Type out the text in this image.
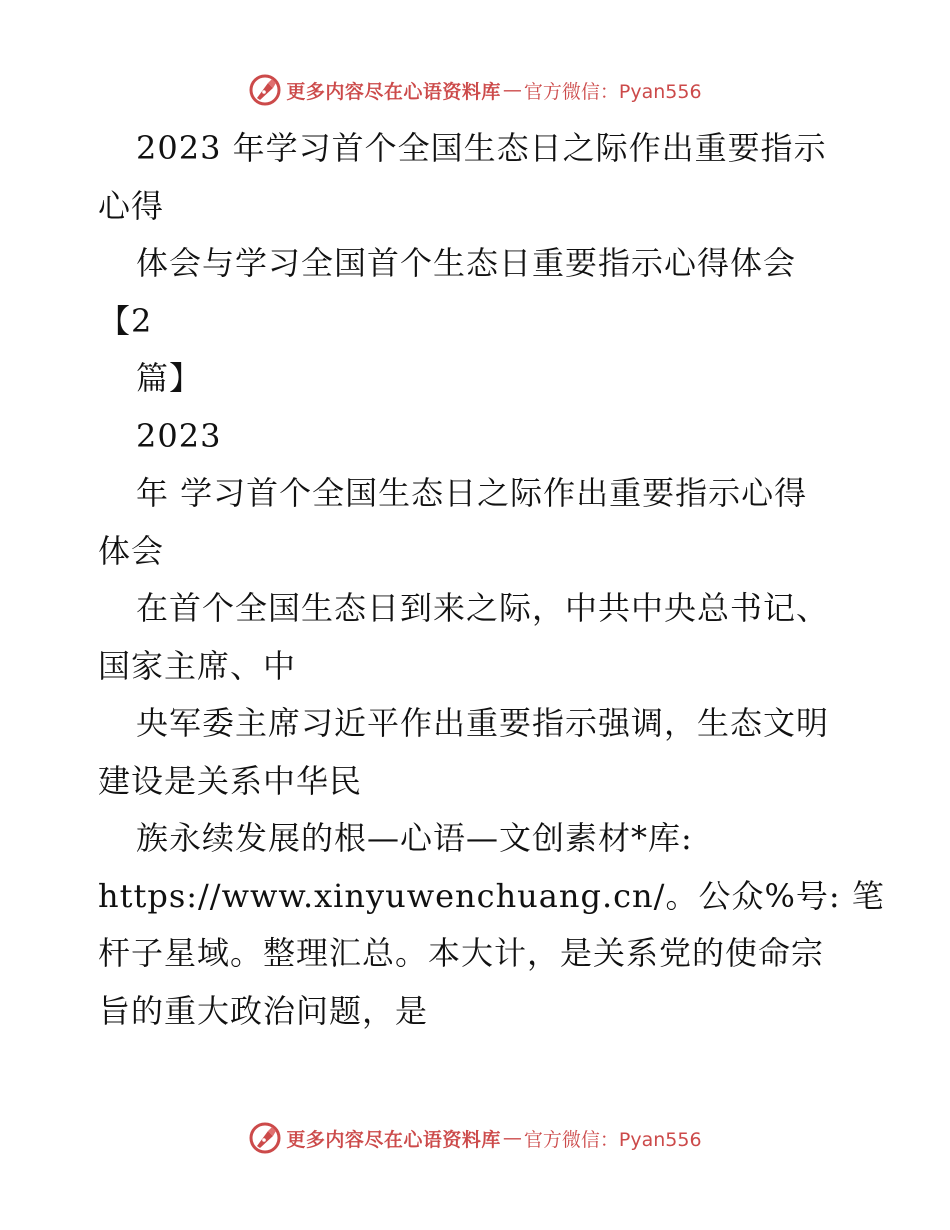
更多内容尽在心语资料库 — 官方微信：Pyan556
2023 年学习首个全国生态日之际作出重要指示
心得
体会与学习全国首个生态日重要指示心得体会
【2
篇】
2023
年 学习首个全国生态日之际作出重要指示心得
体会
在首个全国生态日到来之际，中共中央总书记、
国家主席、中
央军委主席习近平作出重要指示强调，生态文明
建设是关系中华民
族永续发展的根—心语—文创素材*库:
https://www.xinyuwenchuang.cn/。公众%号: 笔
杆子星域。整理汇总。本大计，是关系党的使命宗
旨的重大政治问题，是
更多内容尽在心语资料库 — 官方微信：Pyan556
